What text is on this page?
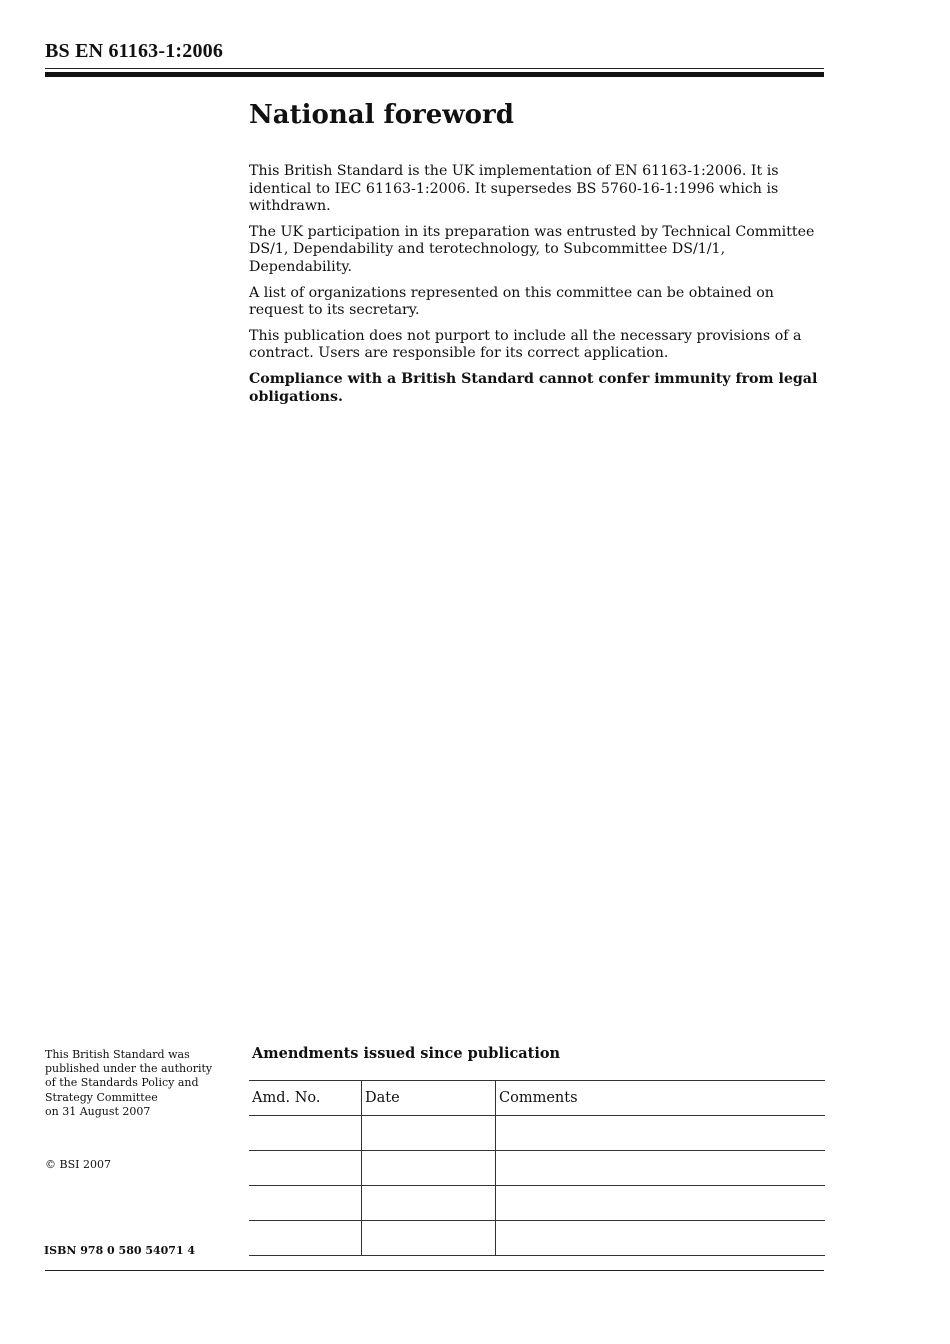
BS EN 61163-1:2006
National foreword

This British Standard is the UK implementation of EN 61163-1:2006. It is identical to IEC 61163-1:2006. It supersedes BS 5760-16-1:1996 which is withdrawn.

The UK participation in its preparation was entrusted by Technical Committee DS/1, Dependability and terotechnology, to Subcommittee DS/1/1, Dependability.

A list of organizations represented on this committee can be obtained on request to its secretary.

This publication does not purport to include all the necessary provisions of a contract. Users are responsible for its correct application.

Compliance with a British Standard cannot confer immunity from legal obligations.

This British Standard was
published under the authority
of the Standards Policy and
Strategy Committee
on 31 August 2007
© BSI 2007
ISBN 978 0 580 54071 4
Amendments issued since publication
Amd. No.	Date	Comments
